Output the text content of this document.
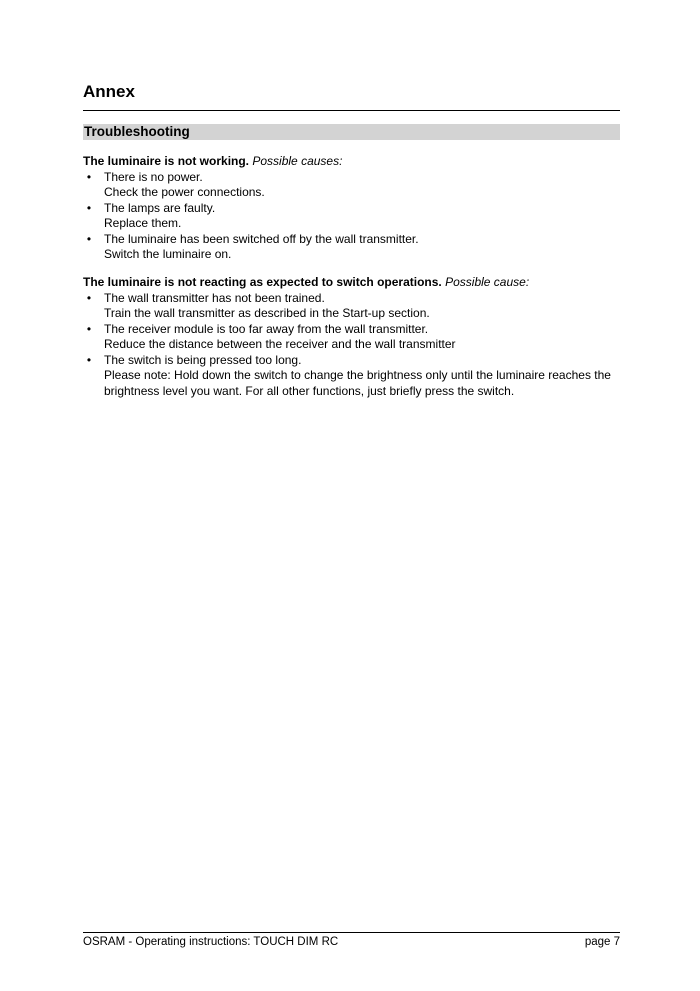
Annex
Troubleshooting
The luminaire is not working. Possible causes:
• There is no power.
Check the power connections.
• The lamps are faulty.
Replace them.
• The luminaire has been switched off by the wall transmitter.
Switch the luminaire on.
The luminaire is not reacting as expected to switch operations. Possible cause:
• The wall transmitter has not been trained.
Train the wall transmitter as described in the Start-up section.
• The receiver module is too far away from the wall transmitter.
Reduce the distance between the receiver and the wall transmitter
• The switch is being pressed too long.
Please note: Hold down the switch to change the brightness only until the luminaire reaches the brightness level you want. For all other functions, just briefly press the switch.
OSRAM - Operating instructions: TOUCH DIM RC	page 7
